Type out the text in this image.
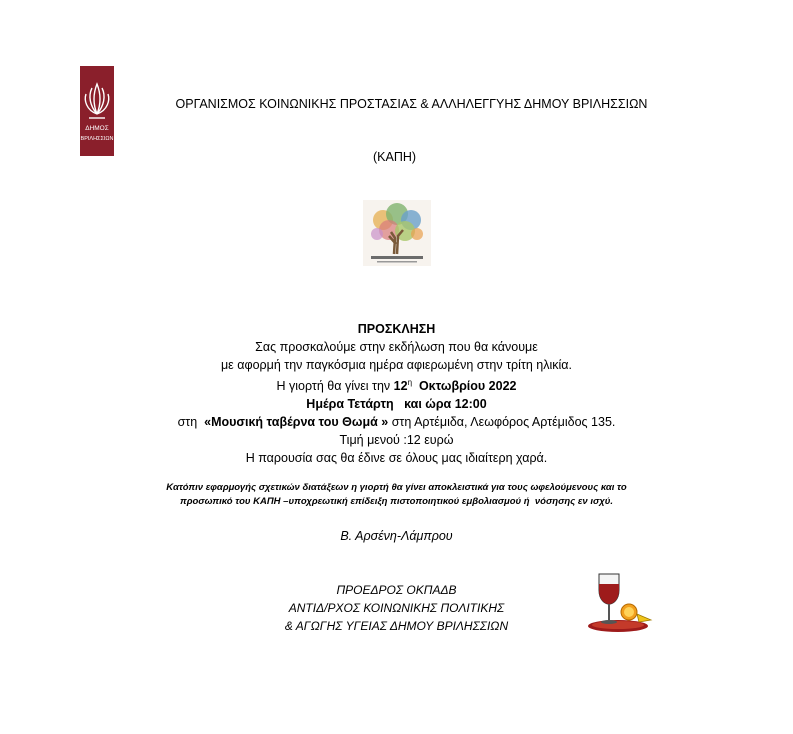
ΔΗΜΟΣ
ΒΡΙΛΗΣΣΙΩΝ
ΟΡΓΑΝΙΣΜΟΣ ΚΟΙΝΩΝΙΚΗΣ ΠΡΟΣΤΑΣΙΑΣ & ΑΛΛΗΛΕΓΓΥΗΣ ΔΗΜΟΥ ΒΡΙΛΗΣΣΙΩΝ
(ΚΑΠΗ)
ΠΡΟΣΚΛΗΣΗ
Σας προσκαλούμε στην εκδήλωση που θα κάνουμε
με αφορμή την παγκόσμια ημέρα αφιερωμένη στην τρίτη ηλικία.
Η γιορτή θα γίνει την $12^\eta$  Οκτωβρίου 2022
Ημέρα Τετάρτη   και ώρα 12:00
στη  «Μουσική ταβέρνα του Θωμά » στη Αρτέμιδα, Λεωφόρος Αρτέμιδος 135.
Τιμή μενού :12 ευρώ
Η παρουσία σας θα έδινε σε όλους μας ιδιαίτερη χαρά.
Κατόπιν εφαρμογής σχετικών διατάξεων η γιορτή θα γίνει αποκλειστικά για τους ωφελούμενους και το
προσωπικό του ΚΑΠΗ –υποχρεωτική επίδειξη πιστοποιητικού εμβολιασμού ή  νόσησης εν ισχύ.
Β. Αρσένη-Λάμπρου
ΠΡΟΕΔΡΟΣ ΟΚΠΑΔΒ
ΑΝΤΙΔ/ΡΧΟΣ ΚΟΙΝΩΝΙΚΗΣ ΠΟΛΙΤΙΚΗΣ
& ΑΓΩΓΗΣ ΥΓΕΙΑΣ ΔΗΜΟΥ ΒΡΙΛΗΣΣΙΩΝ
